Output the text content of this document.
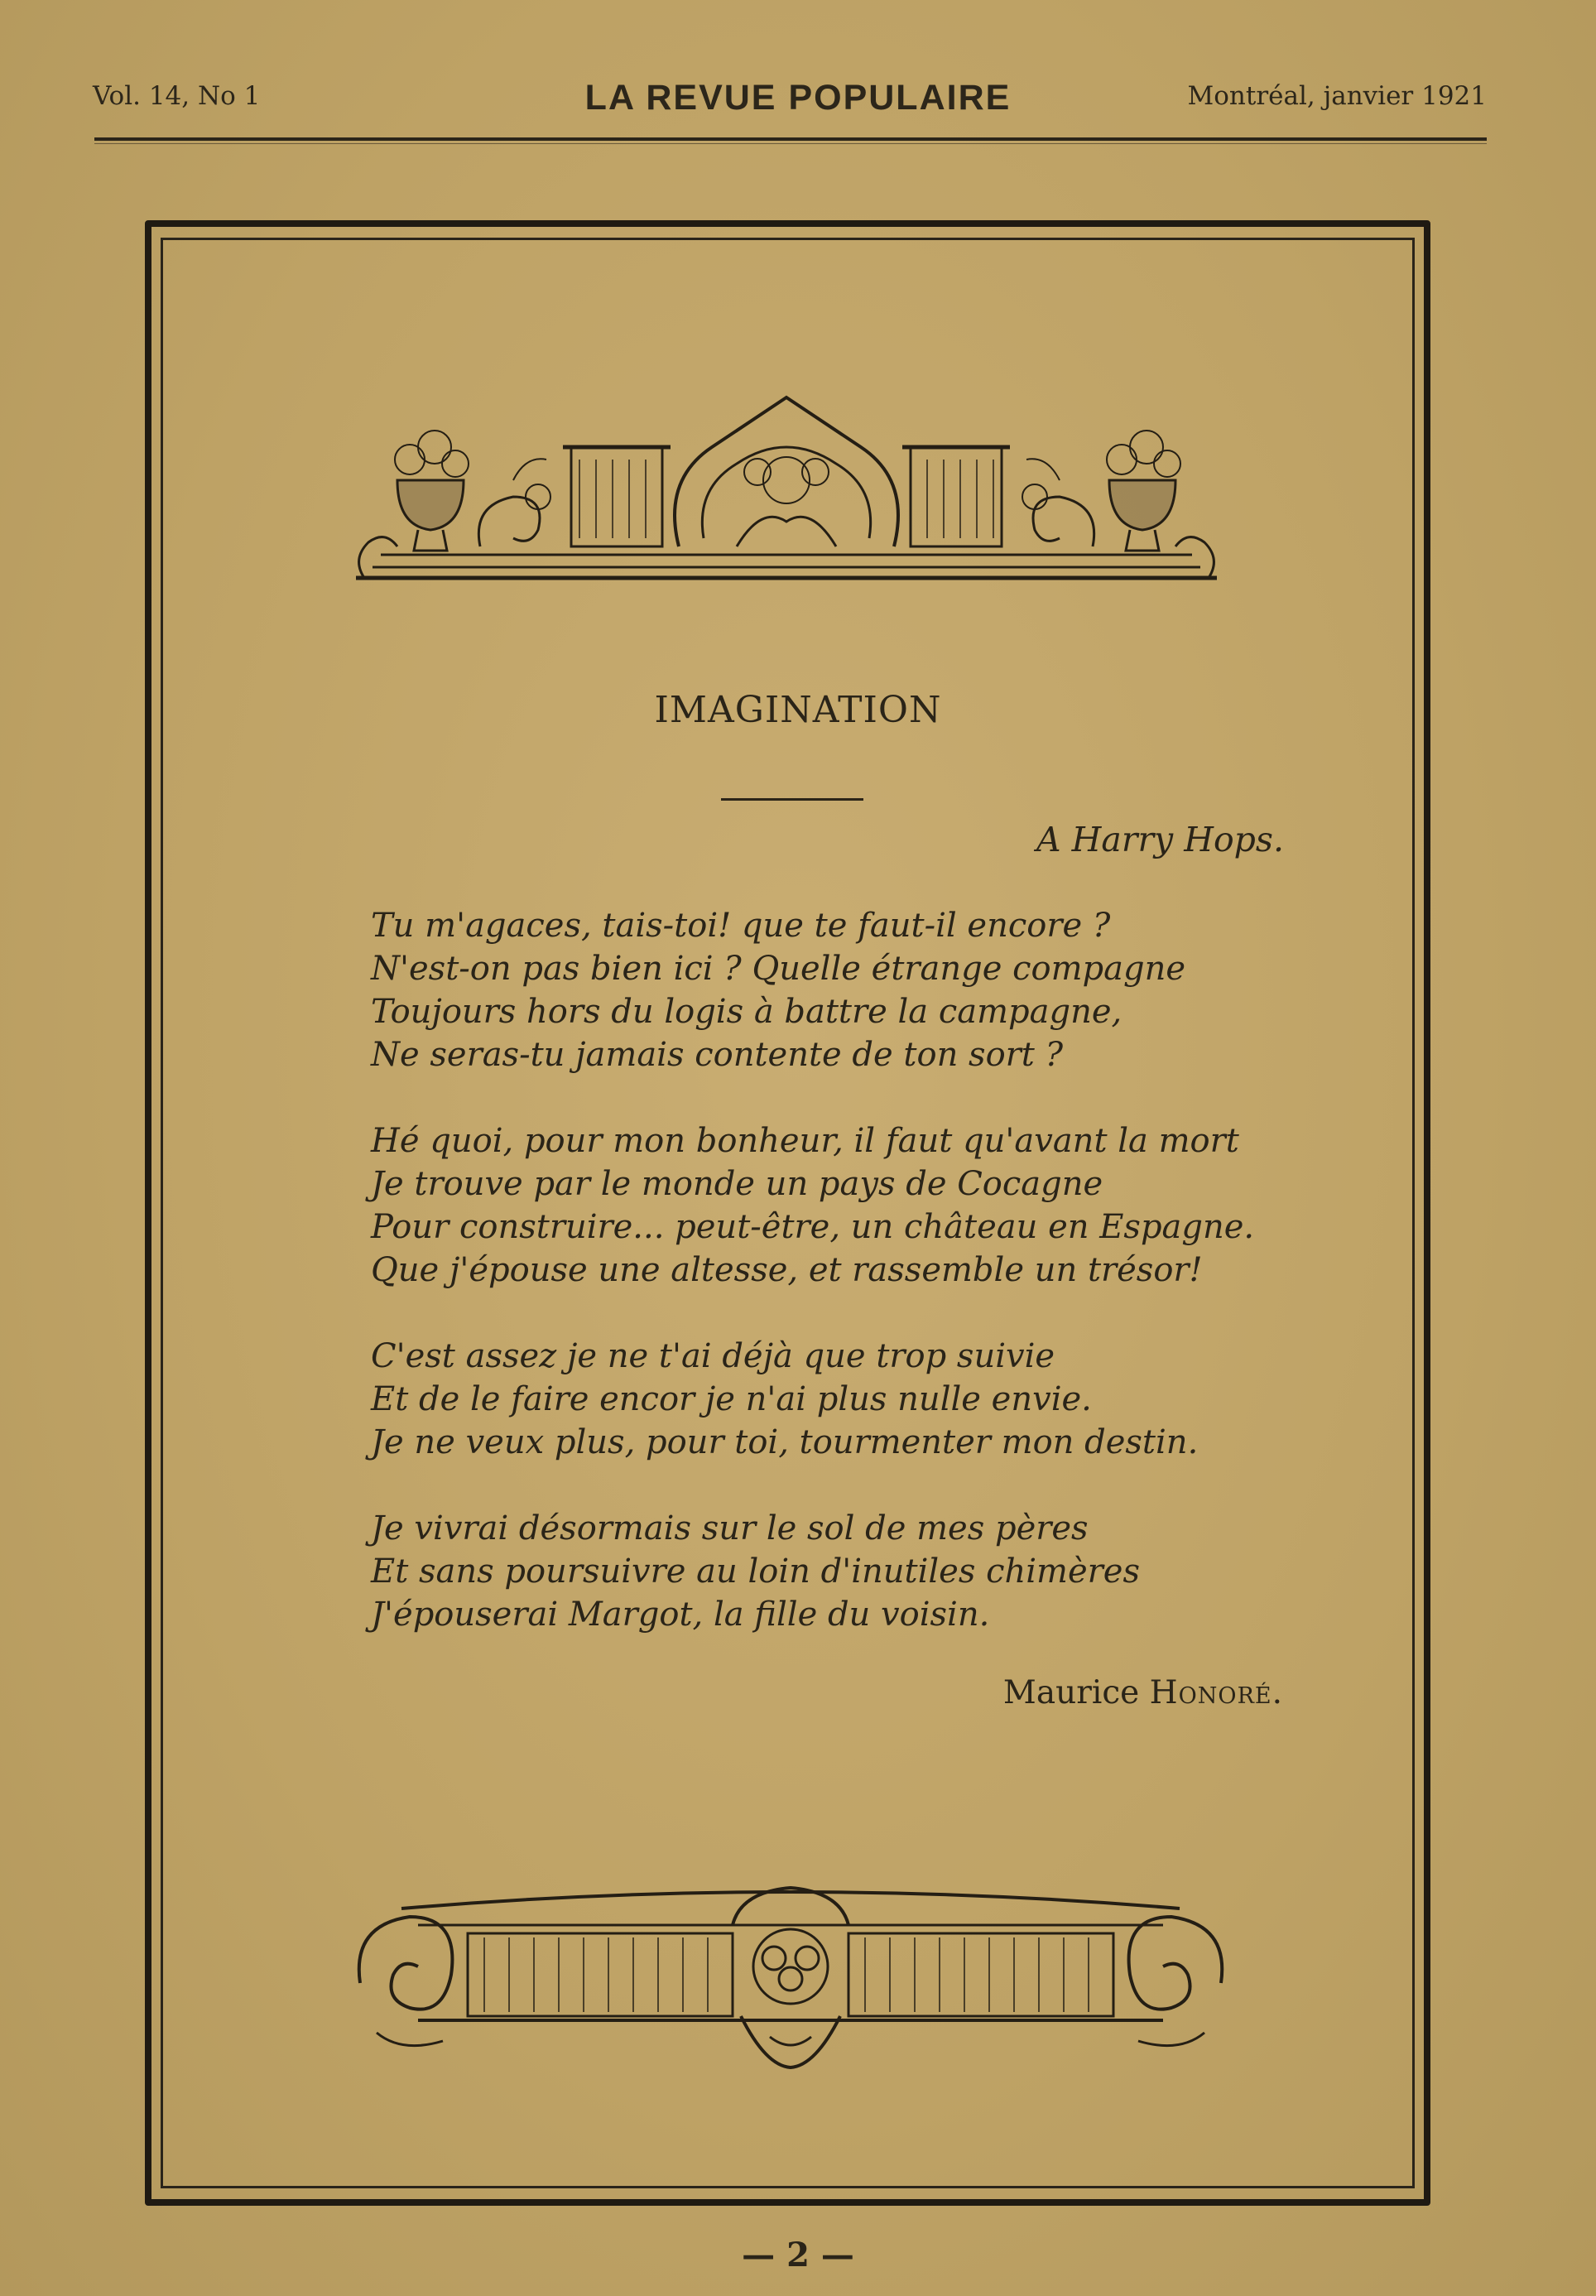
Vol. 14, No 1	LA REVUE POPULAIRE	Montréal, janvier 1921
IMAGINATION
A Harry Hops.
Tu m'agaces, tais-toi! que te faut-il encore ?
N'est-on pas bien ici ? Quelle étrange compagne
Toujours hors du logis à battre la campagne,
Ne seras-tu jamais contente de ton sort ?
Hé quoi, pour mon bonheur, il faut qu'avant la mort
Je trouve par le monde un pays de Cocagne
Pour construire... peut-être, un château en Espagne.
Que j'épouse une altesse, et rassemble un trésor!
C'est assez je ne t'ai déjà que trop suivie
Et de le faire encor je n'ai plus nulle envie.
Je ne veux plus, pour toi, tourmenter mon destin.
Je vivrai désormais sur le sol de mes pères
Et sans poursuivre au loin d'inutiles chimères
J'épouserai Margot, la fille du voisin.
Maurice Honoré.
— 2 —
